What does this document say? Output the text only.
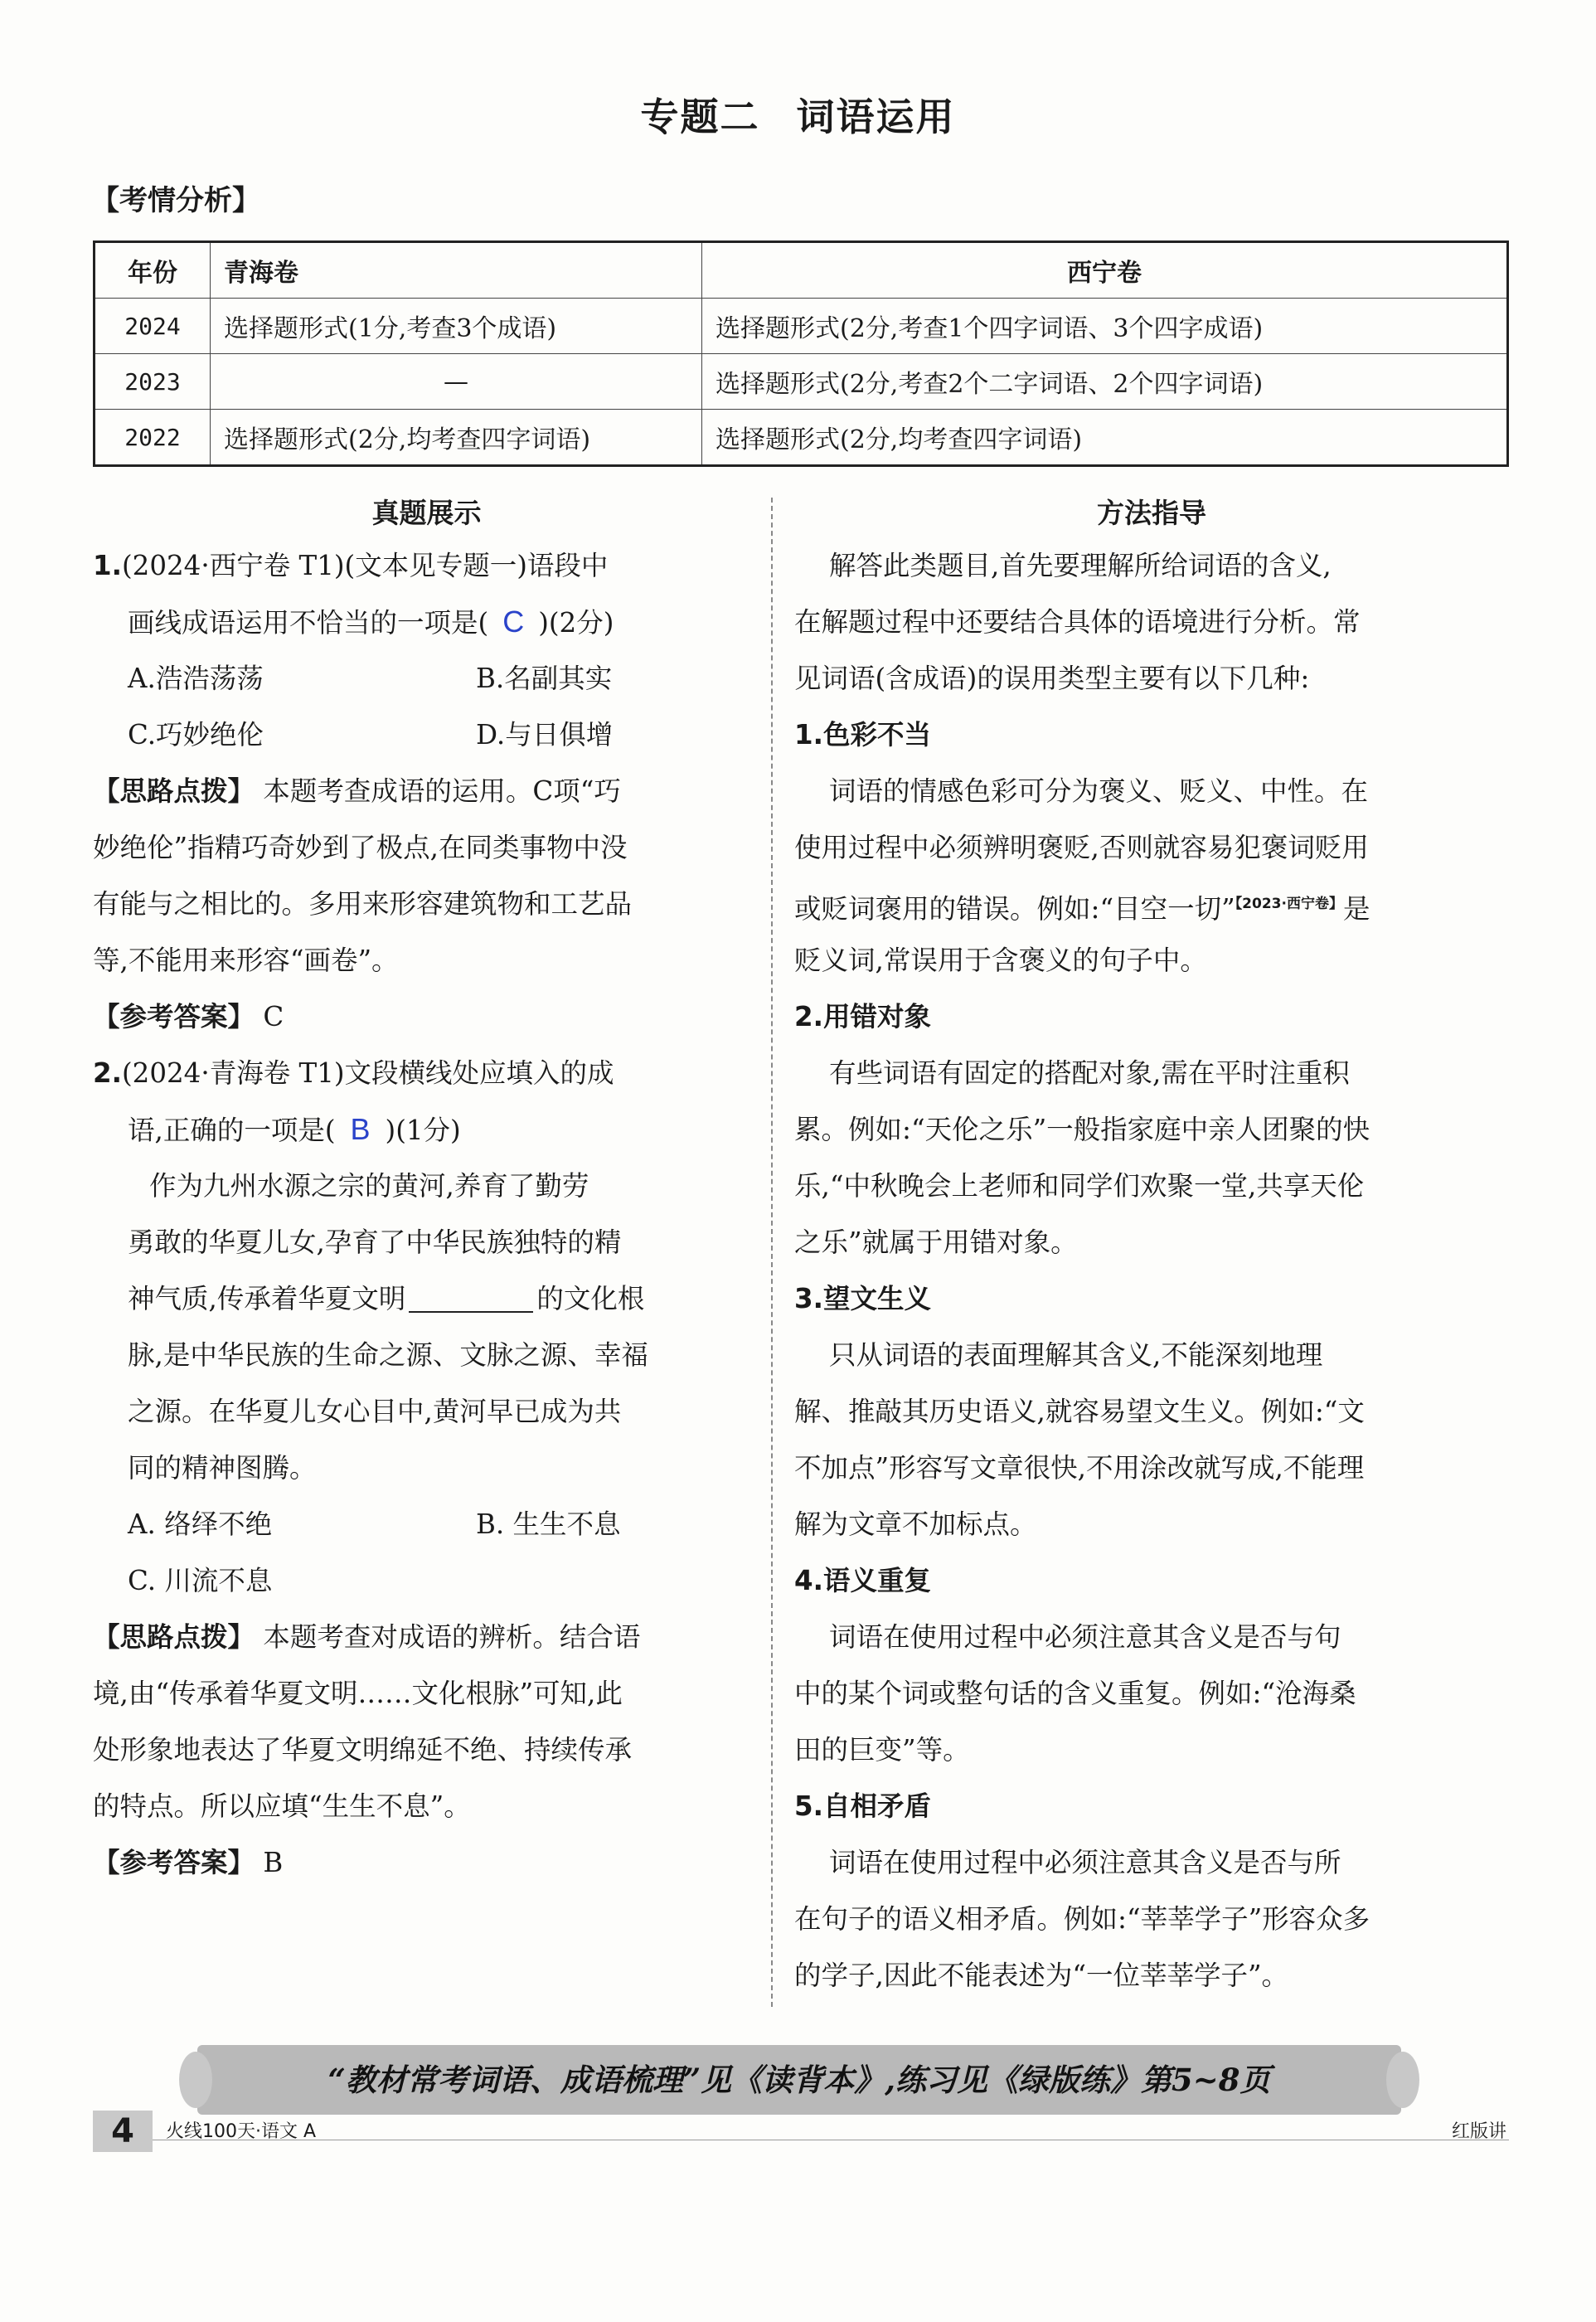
专题二 词语运用
【考情分析】
年份	青海卷	西宁卷
2024	选择题形式(1分,考查3个成语)	选择题形式(2分,考查1个四字词语、3个四字成语)
2023	—	选择题形式(2分,考查2个二字词语、2个四字词语)
2022	选择题形式(2分,均考查四字词语)	选择题形式(2分,均考查四字词语)
真题展示
1.(2024·西宁卷 T1)(文本见专题一)语段中
画线成语运用不恰当的一项是( C )(2分)
A.浩浩荡荡	B.名副其实
C.巧妙绝伦	D.与日俱增
【思路点拨】 本题考查成语的运用。C项“巧
妙绝伦”指精巧奇妙到了极点,在同类事物中没
有能与之相比的。多用来形容建筑物和工艺品
等,不能用来形容“画卷”。
【参考答案】 C
2.(2024·青海卷 T1)文段横线处应填入的成
语,正确的一项是( B )(1分)
作为九州水源之宗的黄河,养育了勤劳
勇敢的华夏儿女,孕育了中华民族独特的精
神气质,传承着华夏文明	的文化根
脉,是中华民族的生命之源、文脉之源、幸福
之源。在华夏儿女心目中,黄河早已成为共
同的精神图腾。
A. 络绎不绝	B. 生生不息
C. 川流不息
【思路点拨】 本题考查对成语的辨析。结合语
境,由“传承着华夏文明……文化根脉”可知,此
处形象地表达了华夏文明绵延不绝、持续传承
的特点。所以应填“生生不息”。
【参考答案】 B
方法指导
解答此类题目,首先要理解所给词语的含义,
在解题过程中还要结合具体的语境进行分析。常
见词语(含成语)的误用类型主要有以下几种:
1.色彩不当
词语的情感色彩可分为褒义、贬义、中性。在
使用过程中必须辨明褒贬,否则就容易犯褒词贬用
或贬词褒用的错误。例如:“目空一切”$^{【2023\cdot 西宁卷】}$是
贬义词,常误用于含褒义的句子中。
2.用错对象
有些词语有固定的搭配对象,需在平时注重积
累。例如:“天伦之乐”一般指家庭中亲人团聚的快
乐,“中秋晚会上老师和同学们欢聚一堂,共享天伦
之乐”就属于用错对象。
3.望文生义
只从词语的表面理解其含义,不能深刻地理
解、推敲其历史语义,就容易望文生义。例如:“文
不加点”形容写文章很快,不用涂改就写成,不能理
解为文章不加标点。
4.语义重复
词语在使用过程中必须注意其含义是否与句
中的某个词或整句话的含义重复。例如:“沧海桑
田的巨变”等。
5.自相矛盾
词语在使用过程中必须注意其含义是否与所
在句子的语义相矛盾。例如:“莘莘学子”形容众多
的学子,因此不能表述为“一位莘莘学子”。
“教材常考词语、成语梳理”见《读背本》,练习见《绿版练》第5~8页
4	火线100天·语文 A	红版讲
